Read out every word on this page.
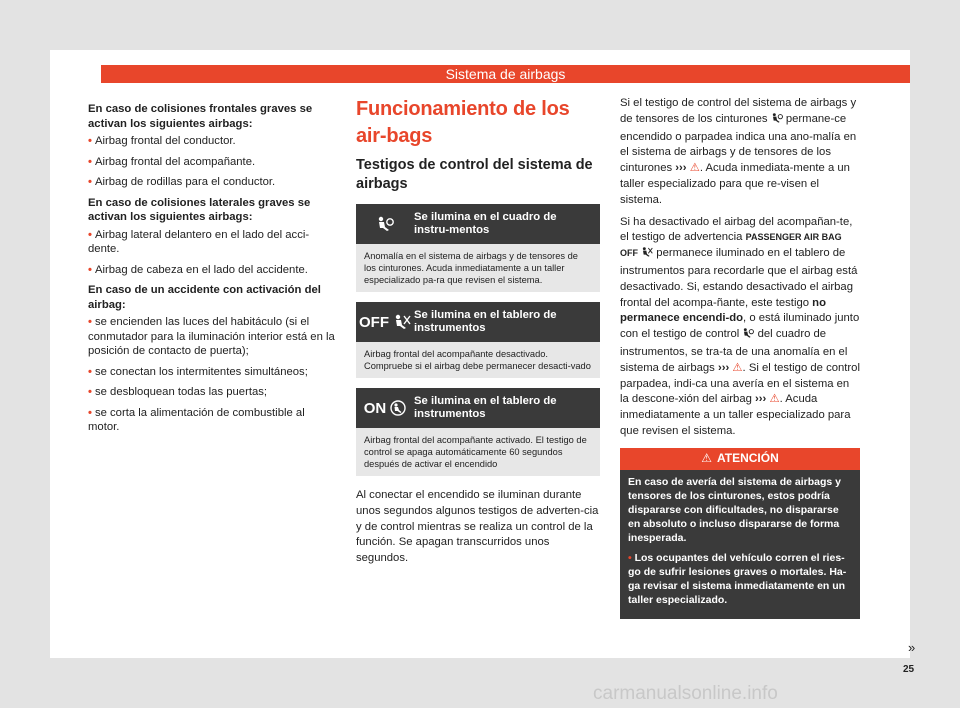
Sistema de airbags

En caso de colisiones frontales graves se activan los siguientes airbags:

• Airbag frontal del conductor.

• Airbag frontal del acompañante.

• Airbag de rodillas para el conductor.

En caso de colisiones laterales graves se activan los siguientes airbags:

• Airbag lateral delantero en el lado del acci-dente.

• Airbag de cabeza en el lado del accidente.

En caso de un accidente con activación del airbag:

• se encienden las luces del habitáculo (si el conmutador para la iluminación interior está en la posición de contacto de puerta);

• se conectan los intermitentes simultáneos;

• se desbloquean todas las puertas;

• se corta la alimentación de combustible al motor.

Funcionamiento de los air-bags
Testigos de control del sistema de airbags
Se ilumina en el cuadro de instru-mentos
Anomalía en el sistema de airbags y de tensores de los cinturones. Acuda inmediatamente a un taller especializado pa-ra que revisen el sistema.
OFF Se ilumina en el tablero de instrumentos
Airbag frontal del acompañante desactivado. Compruebe si el airbag debe permanecer desacti-vado
ON Se ilumina en el tablero de instrumentos
Airbag frontal del acompañante activado. El testigo de control se apaga automáticamente 60 segundos después de activar el encendido

Al conectar el encendido se iluminan durante unos segundos algunos testigos de adverten-cia y de control mientras se realiza un control de la función. Se apagan transcurridos unos segundos.

Si el testigo de control del sistema de airbags y de tensores de los cinturones permane-ce encendido o parpadea indica una ano-malía en el sistema de airbags y de tensores de los cinturones ››› ⚠. Acuda inmediata-mente a un taller especializado para que re-visen el sistema.

Si ha desactivado el airbag del acompañan-te, el testigo de advertencia PASSENGER AIR BAG OFF permanece iluminado en el tablero de instrumentos para recordarle que el airbag está desactivado. Si, estando desactivado el airbag frontal del acompa-ñante, este testigo no permanece encendi-do, o está iluminado junto con el testigo de control del cuadro de instrumentos, se tra-ta de una anomalía en el sistema de airbags ››› ⚠. Si el testigo de control parpadea, indi-ca una avería en el sistema en la descone-xión del airbag ››› ⚠. Acuda inmediatamente a un taller especializado para que revisen el sistema.

⚠ ATENCIÓN

En caso de avería del sistema de airbags y tensores de los cinturones, estos podría dispararse con dificultades, no dispararse en absoluto o incluso dispararse de forma inesperada.

• Los ocupantes del vehículo corren el ries-go de sufrir lesiones graves o mortales. Ha-ga revisar el sistema inmediatamente en un taller especializado.

»
25
carmanualsonline.info
